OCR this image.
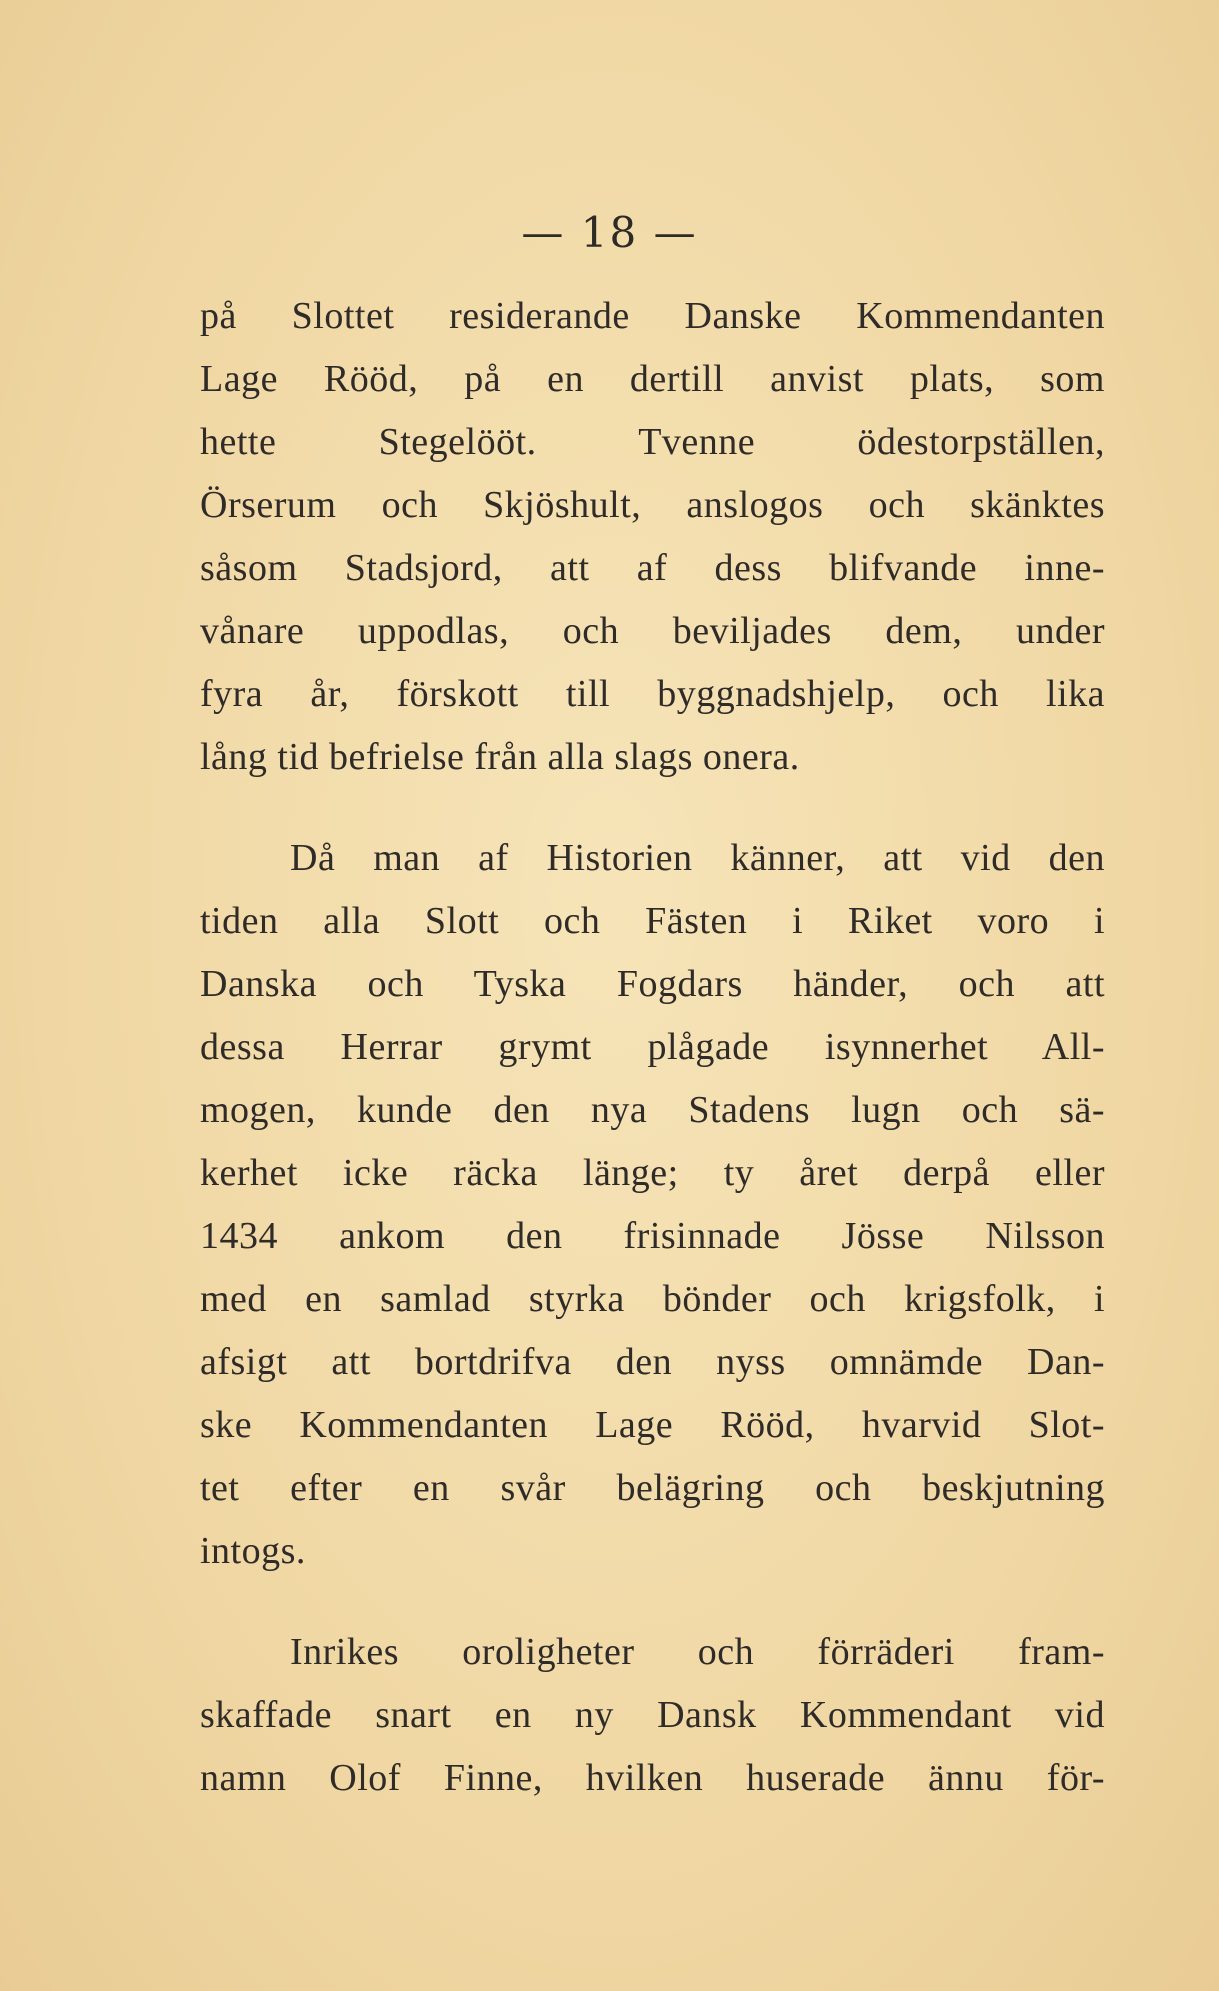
— 18 —
på Slottet residerande Danske Kommendanten
Lage Rööd, på en dertill anvist plats, som
hette Stegelööt. Tvenne ödestorpställen,
Örserum och Skjöshult, anslogos och skänktes
såsom Stadsjord, att af dess blifvande inne-
vånare uppodlas, och beviljades dem, under
fyra år, förskott till byggnadshjelp, och lika
lång tid befrielse från alla slags onera.
Då man af Historien känner, att vid den
tiden alla Slott och Fästen i Riket voro i
Danska och Tyska Fogdars händer, och att
dessa Herrar grymt plågade isynnerhet All-
mogen, kunde den nya Stadens lugn och sä-
kerhet icke räcka länge; ty året derpå eller
1434 ankom den frisinnade Jösse Nilsson
med en samlad styrka bönder och krigsfolk, i
afsigt att bortdrifva den nyss omnämde Dan-
ske Kommendanten Lage Rööd, hvarvid Slot-
tet efter en svår belägring och beskjutning
intogs.
Inrikes oroligheter och förräderi fram-
skaffade snart en ny Dansk Kommendant vid
namn Olof Finne, hvilken huserade ännu för-
